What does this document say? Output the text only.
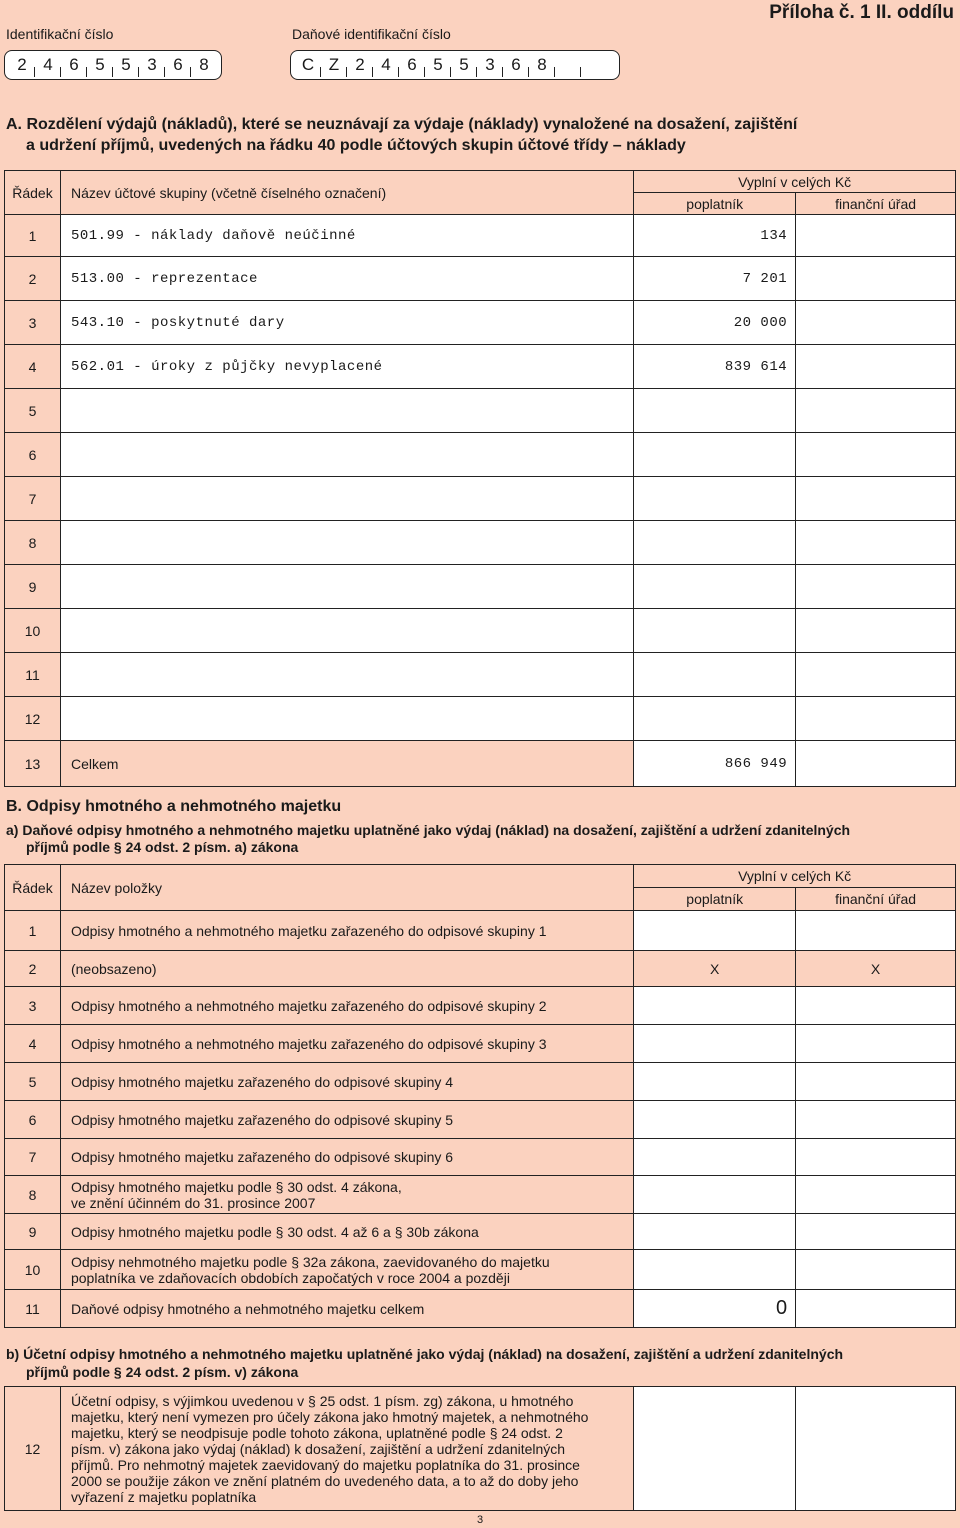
Identifikační číslo	Daňové identifikační číslo
Příloha č. 1 II. oddílu
2 4 6 5 5 3 6 8	C Z 2 4 6 5 5 3 6 8
A. Rozdělení výdajů (nákladů), které se neuznávají za výdaje (náklady) vynaložené na dosažení, zajištění
a udržení příjmů, uvedených na řádku 40 podle účtových skupin účtové třídy – náklady
Řádek	Název účtové skupiny (včetně číselného označení)	Vyplní v celých Kč	
		poplatník	finanční úřad
1	501.99 - náklady daňově neúčinné	134	
2	513.00 - reprezentace	7 201	
3	543.10 - poskytnuté dary	20 000	
4	562.01 - úroky z půjčky nevyplacené	839 614	
5			
6			
7			
8			
9			
10			
11			
12			
13	Celkem	866 949	
B. Odpisy hmotného a nehmotného majetku
a) Daňové odpisy hmotného a nehmotného majetku uplatněné jako výdaj (náklad) na dosažení, zajištění a udržení zdanitelných
příjmů podle § 24 odst. 2 písm. a) zákona
Řádek	Název položky	Vyplní v celých Kč	
		poplatník	finanční úřad
1	Odpisy hmotného a nehmotného majetku zařazeného do odpisové skupiny 1		
2	(neobsazeno)	X	X
3	Odpisy hmotného a nehmotného majetku zařazeného do odpisové skupiny 2		
4	Odpisy hmotného a nehmotného majetku zařazeného do odpisové skupiny 3		
5	Odpisy hmotného majetku zařazeného do odpisové skupiny 4		
6	Odpisy hmotného majetku zařazeného do odpisové skupiny 5		
7	Odpisy hmotného majetku zařazeného do odpisové skupiny 6		
8	Odpisy hmotného majetku podle § 30 odst. 4 zákona,
ve znění účinném do 31. prosince 2007		

9	Odpisy hmotného majetku podle § 30 odst. 4 až 6 a § 30b zákona		
10	Odpisy nehmotného majetku podle § 32a zákona, zaevidovaného do majetku
poplatníka ve zdaňovacích obdobích započatých v roce 2004 a později		

11	Daňové odpisy hmotného a nehmotného majetku celkem	0	
b) Účetní odpisy hmotného a nehmotného majetku uplatněné jako výdaj (náklad) na dosažení, zajištění a udržení zdanitelných
příjmů podle § 24 odst. 2 písm. v) zákona
12	
Účetní odpisy, s výjimkou uvedenou v § 25 odst. 1 písm. zg) zákona, u hmotného
majetku, který není vymezen pro účely zákona jako hmotný majetek, a nehmotného
majetku, který se neodpisuje podle tohoto zákona, uplatněné podle § 24 odst. 2
písm. v) zákona jako výdaj (náklad) k dosažení, zajištění a udržení zdanitelných
příjmů. Pro nehmotný majetek zaevidovaný do majetku poplatníka do 31. prosince
2000 se použije zákon ve znění platném do uvedeného data, a to až do doby jeho
vyřazení z majetku poplatníka

3
